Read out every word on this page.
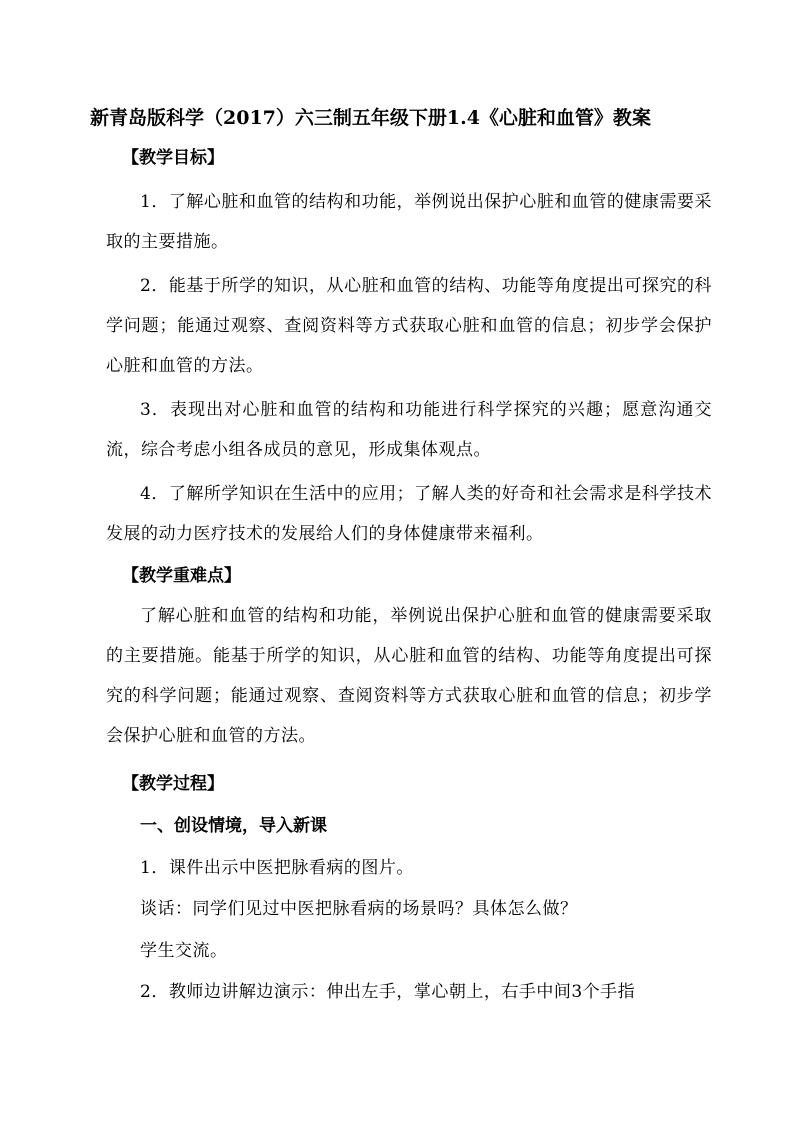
新青岛版科学（2017）六三制五年级下册1.4《心脏和血管》教案
【教学目标】
1．了解心脏和血管的结构和功能，举例说出保护心脏和血管的健康需要采取的主要措施。
2．能基于所学的知识，从心脏和血管的结构、功能等角度提出可探究的科学问题；能通过观察、查阅资料等方式获取心脏和血管的信息；初步学会保护心脏和血管的方法。
3．表现出对心脏和血管的结构和功能进行科学探究的兴趣；愿意沟通交流，综合考虑小组各成员的意见，形成集体观点。
4．了解所学知识在生活中的应用；了解人类的好奇和社会需求是科学技术发展的动力医疗技术的发展给人们的身体健康带来福利。
【教学重难点】
了解心脏和血管的结构和功能，举例说出保护心脏和血管的健康需要采取的主要措施。能基于所学的知识，从心脏和血管的结构、功能等角度提出可探究的科学问题；能通过观察、查阅资料等方式获取心脏和血管的信息；初步学会保护心脏和血管的方法。
【教学过程】
一、创设情境，导入新课
1．课件出示中医把脉看病的图片。
谈话：同学们见过中医把脉看病的场景吗？具体怎么做？
学生交流。
2．教师边讲解边演示：伸出左手，掌心朝上，右手中间3个手指
